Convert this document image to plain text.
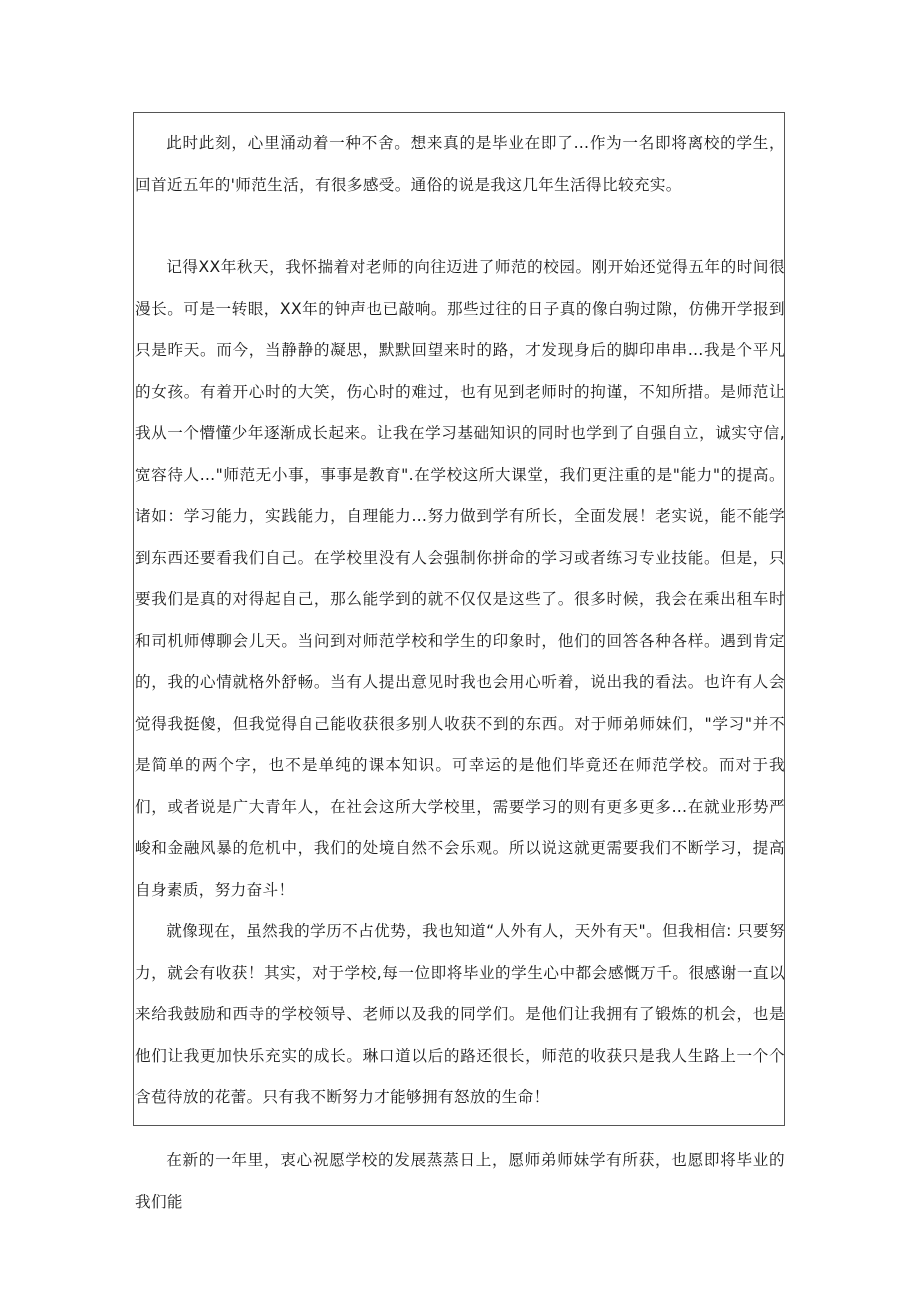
此时此刻，心里涌动着一种不舍。想来真的是毕业在即了…作为一名即将离校的学生，回首近五年的'师范生活，有很多感受。通俗的说是我这几年生活得比较充实。

记得XX年秋天，我怀揣着对老师的向往迈进了师范的校园。刚开始还觉得五年的时间很漫长。可是一转眼，XX年的钟声也已敲响。那些过往的日子真的像白驹过隙，仿佛开学报到只是昨天。而今，当静静的凝思，默默回望来时的路，才发现身后的脚印串串…我是个平凡的女孩。有着开心时的大笑，伤心时的难过，也有见到老师时的拘谨，不知所措。是师范让我从一个懵懂少年逐渐成长起来。让我在学习基础知识的同时也学到了自强自立，诚实守信,宽容待人…"师范无小事，事事是教育".在学校这所大课堂，我们更注重的是"能力"的提高。诸如：学习能力，实践能力，自理能力…努力做到学有所长，全面发展！老实说，能不能学到东西还要看我们自己。在学校里没有人会强制你拼命的学习或者练习专业技能。但是，只要我们是真的对得起自己，那么能学到的就不仅仅是这些了。很多时候，我会在乘出租车时和司机师傅聊会儿天。当问到对师范学校和学生的印象时，他们的回答各种各样。遇到肯定的，我的心情就格外舒畅。当有人提出意见时我也会用心听着，说出我的看法。也许有人会觉得我挺傻，但我觉得自己能收获很多别人收获不到的东西。对于师弟师妹们，"学习"并不是简单的两个字，也不是单纯的课本知识。可幸运的是他们毕竟还在师范学校。而对于我们，或者说是广大青年人，在社会这所大学校里，需要学习的则有更多更多…在就业形势严峻和金融风暴的危机中，我们的处境自然不会乐观。所以说这就更需要我们不断学习，提高自身素质，努力奋斗！

就像现在，虽然我的学历不占优势，我也知道“人外有人，天外有天"。但我相信: 只要努力，就会有收获！其实，对于学校,每一位即将毕业的学生心中都会感慨万千。很感谢一直以来给我鼓励和西寺的学校领导、老师以及我的同学们。是他们让我拥有了锻炼的机会，也是他们让我更加快乐充实的成长。琳口道以后的路还很长，师范的收获只是我人生路上一个个含苞待放的花蕾。只有我不断努力才能够拥有怒放的生命！

在新的一年里，衷心祝愿学校的发展蒸蒸日上，愿师弟师妹学有所获，也愿即将毕业的我们能
